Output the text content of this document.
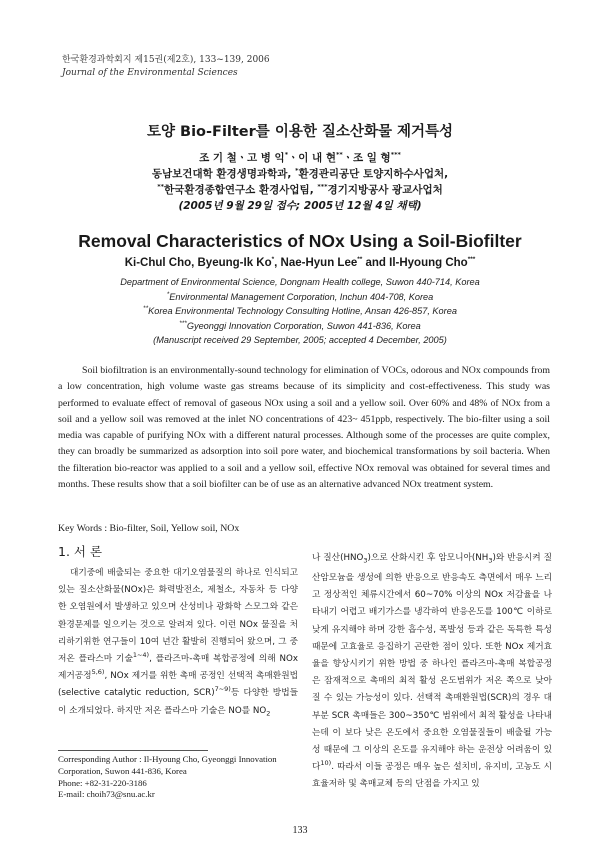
한국환경과학회지 제15권(제2호), 133~139, 2006
Journal of the Environmental Sciences
토양 Bio-Filter를 이용한 질소산화물 제거특성
조 기 철ㆍ고 병 익*ㆍ이 내 현**ㆍ조 일 형***
동남보건대학 환경생명과학과, *환경관리공단 토양지하수사업처,
**한국환경종합연구소 환경사업팀, ***경기지방공사 광교사업처
(2005년 9월 29일 접수; 2005년 12월 4일 채택)
Removal Characteristics of NOx Using a Soil-Biofilter
Ki-Chul Cho, Byeung-Ik Ko*, Nae-Hyun Lee** and Il-Hyoung Cho***
Department of Environmental Science, Dongnam Health college, Suwon 440-714, Korea
*Environmental Management Corporation, Inchun 404-708, Korea
**Korea Environmental Technology Consulting Hotline, Ansan 426-857, Korea
***Gyeonggi Innovation Corporation, Suwon 441-836, Korea
(Manuscript received 29 September, 2005; accepted 4 December, 2005)
Soil biofiltration is an environmentally-sound technology for elimination of VOCs, odorous and NOx compounds from a low concentration, high volume waste gas streams because of its simplicity and cost-effectiveness. This study was performed to evaluate effect of removal of gaseous NOx using a soil and a yellow soil. Over 60% and 48% of NOx from a soil and a yellow soil was removed at the inlet NO concentrations of 423~ 451ppb, respectively. The bio-filter using a soil media was capable of purifying NOx with a different natural processes. Although some of the processes are quite complex, they can broadly be summarized as adsorption into soil pore water, and biochemical transformations by soil bacteria. When the filteration bio-reactor was applied to a soil and a yellow soil, effective NOx removal was obtained for several times and months. These results show that a soil biofilter can be of use as an alternative advanced NOx treatment system.
Key Words : Bio-filter, Soil, Yellow soil, NOx
1. 서 론
대기중에 배출되는 중요한 대기오염물질의 하나로 인식되고 있는 질소산화물(NOx)은 화력발전소, 제철소, 자동차 등 다양한 오염원에서 발생하고 있으며 산성비나 광화학 스모그와 같은 환경문제를 일으키는 것으로 알려져 있다. 이런 NOx 물질을 처리하기위한 연구들이 10여 년간 활발히 진행되어 왔으며, 그 중 저온 플라스마 기술$^{1\sim 4)}$, 플라즈마-촉매 복합공정에 의해 NOx 제거공정$^{5,6)}$, NOx 제거를 위한 촉매 공정인 선택적 촉매환원법(selective catalytic reduction, SCR)$^{7\sim 9)}$등 다양한 방법들이 소개되었다. 하지만 저온 플라스마 기술은 NO를 $NO_2$
나 질산$(HNO_3)$으로 산화시킨 후 암모니아$(NH_3)$와 반응시켜 질산암모늄을 생성에 의한 반응으로 반응속도 측면에서 매우 느리고 정상적인 체류시간에서 60~70% 이상의 NOx 저감율을 나타내기 어렵고 배기가스를 냉각하여 반응온도를 100℃ 이하로 낮게 유지해야 하며 강한 흡수성, 폭발성 등과 같은 독특한 특성 때문에 고효율로 응집하기 곤란한 점이 있다. 또한 NOx 제거효율을 향상시키기 위한 방법 중 하나인 플라즈마-촉매 복합공정은 잠재적으로 촉매의 최적 활성 온도범위가 저온 쪽으로 낮아질 수 있는 가능성이 있다. 선택적 촉매환원법(SCR)의 경우 대부분 SCR 촉매들은 300~350℃ 범위에서 최적 활성을 나타내는데 이 보다 낮은 온도에서 중요한 오염물질들이 배출될 가능성 때문에 그 이상의 온도를 유지해야 하는 운전상 어려움이 있다$^{10)}$. 따라서 이들 공정은 매우 높은 설치비, 유지비, 고농도 시 효율저하 및 촉매교체 등의 단점을 가지고 있
Corresponding Author : Il-Hyoung Cho, Gyeonggi Innovation Corporation, Suwon 441-836, Korea
Phone: +82-31-220-3186
E-mail: choih73@snu.ac.kr
133
